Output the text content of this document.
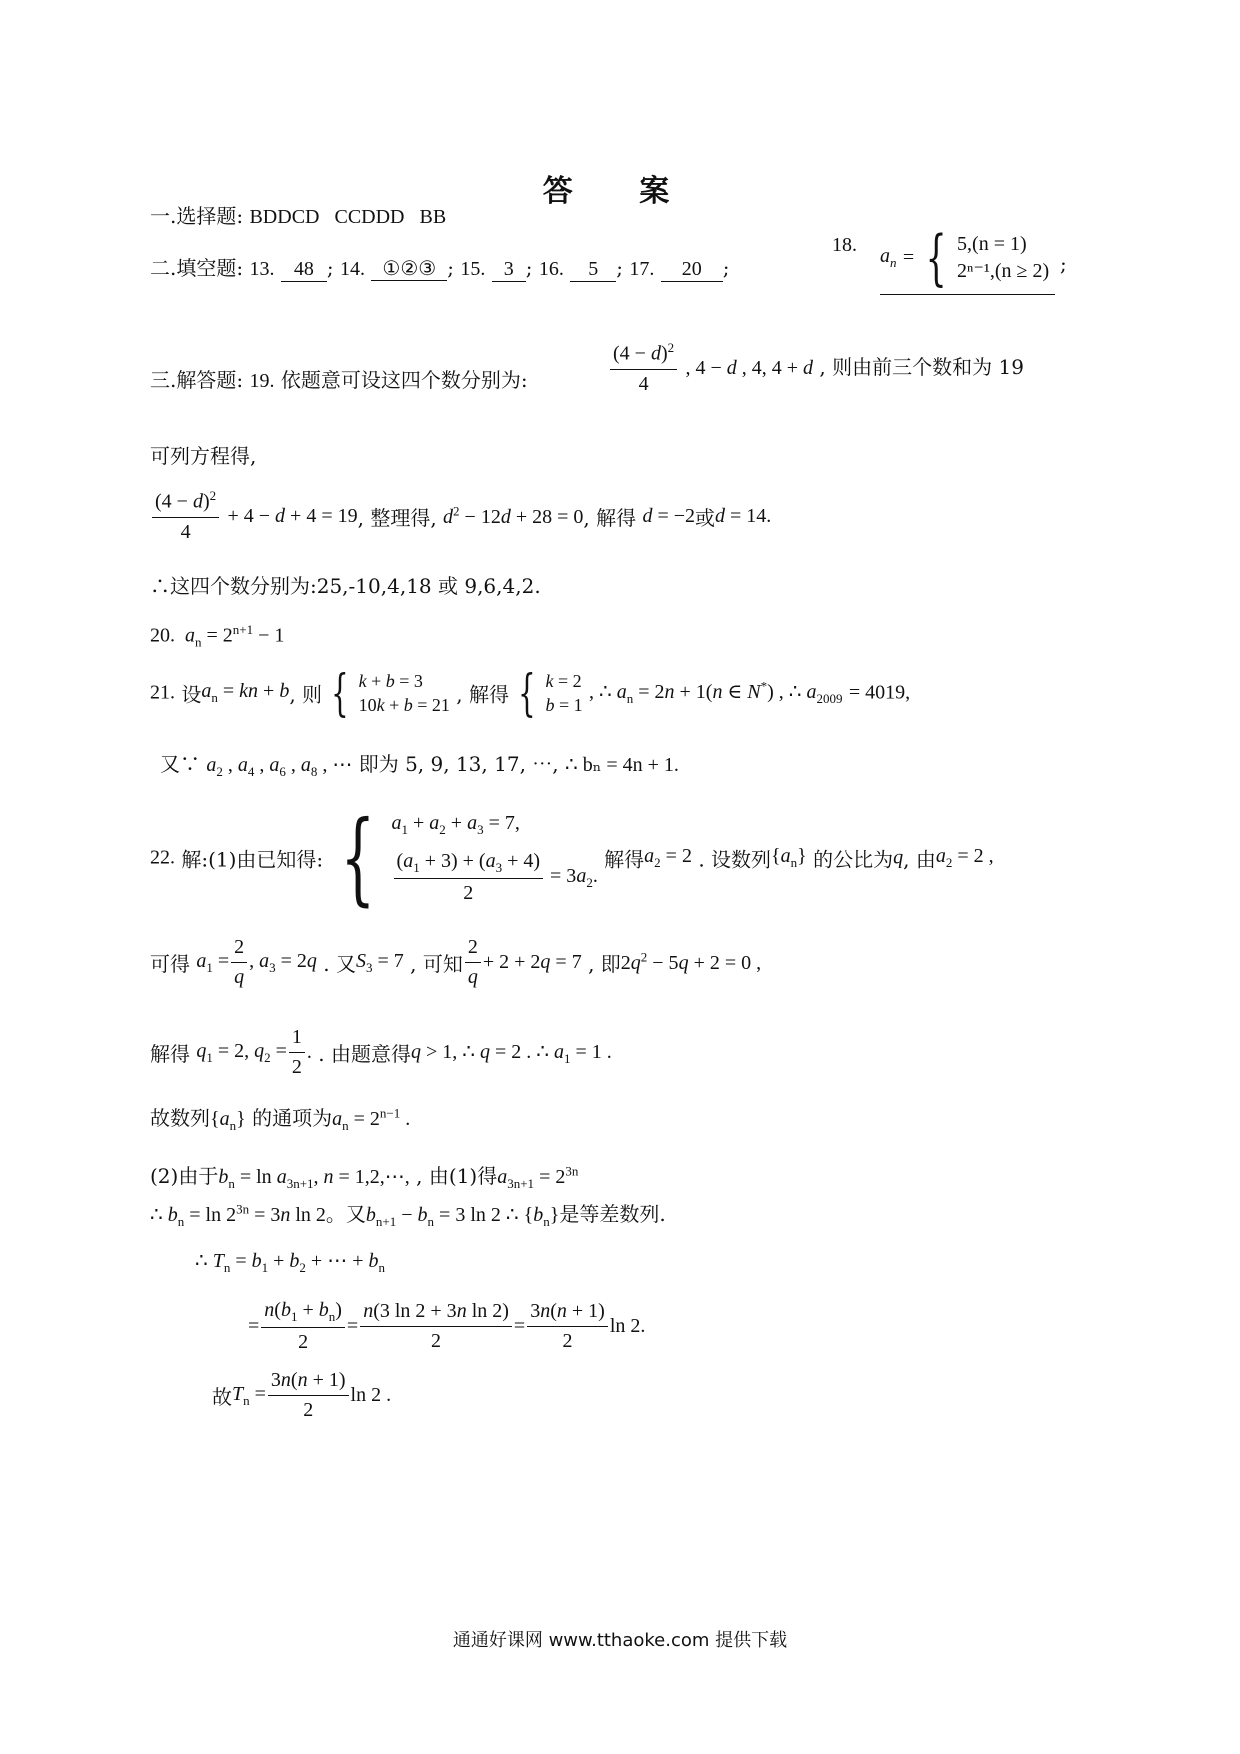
答 案
一.选择题: BDDCD   CCDDD   BB
二.填空题: 13. 48 ; 14. ①②③ ; 15. 3 ; 16. 5 ; 17. 20 ;
18. $a_n$ = { 5,(n = 1)
2ⁿ⁻¹,(n ≥ 2) ;
三.解答题: 19. 依题意可设这四个数分别为:	$\frac{(4 - d)^2}{4}$ , 4 − d , 4, 4 + d , 则由前三个数和为 19
可列方程得,
$\frac{(4 - d)^2}{4} + 4 - d + 4 = 19$, 整理得, $d^2 - 12d + 28 = 0$, 解得 d = −2或d = 14.
∴这四个数分别为:25,-10,4,18 或 9,6,4,2.
20. $a_n = 2^{n+1} - 1$
21. 设$a_n$ = kn + b, 则 { k + b = 3
10k + b = 21 , 解得 { k = 2
b = 1
, ∴ $a_n = 2n + 1(n$ ∈ N*) , ∴ $a_{2009} = 4019$,
又∵ $a_2$ , $a_4$ , $a_6$ , $a_8$ , ⋯ 即为 5, 9, 13, 17, ⋯, ∴ bₙ = 4n + 1.
22. 解:(1)由已知得: { $a_1 + a_2 + a_3 = 7$,
$\frac{(a_1 + 3) + (a_3 + 4)}{2} = 3a_2$.
解得$a_2 = 2$ . 设数列$\{a_n\}$ 的公比为q, 由$a_2 = 2$ ,
可得 $a_1 = \frac{2}{q}$ , $a_3 = 2q$ . 又$S_3 = 7$ , 可知 $\frac{2}{q} + 2 + 2q = 7$ , 即$2q^2 - 5q + 2 = 0$ ,
解得 $q_1 = 2$, $q_2 = \frac{1}{2}$ . . 由题意得q > 1, ∴ q = 2 . ∴ $a_1 = 1$ .
故数列$\{a_n\}$ 的通项为$a_n = 2^{n-1}$ .
(2)由于$b_n = \ln a_{3n+1}$, n = 1,2,⋯, , 由(1)得$a_{3n+1} = 2^{3n}$
∴ $b_n = \ln 2^{3n} = 3n$ ln 2。又$b_{n+1} - b_n = 3$ ln 2 ∴ $\{b_n\}$是等差数列.
∴ $T_n = b_1 + b_2$ + ⋯ + $b_n$
= $\frac{n(b_1 + b_n)}{2} = \frac{\text{n(3 ln 2 + 3n ln 2)}}{2} = \frac{3n(n + 1)}{2}$ ln 2.
故$T_n = \frac{3n(n + 1)}{2}$ ln 2 .
通通好课网 www.tthaoke.com 提供下载
